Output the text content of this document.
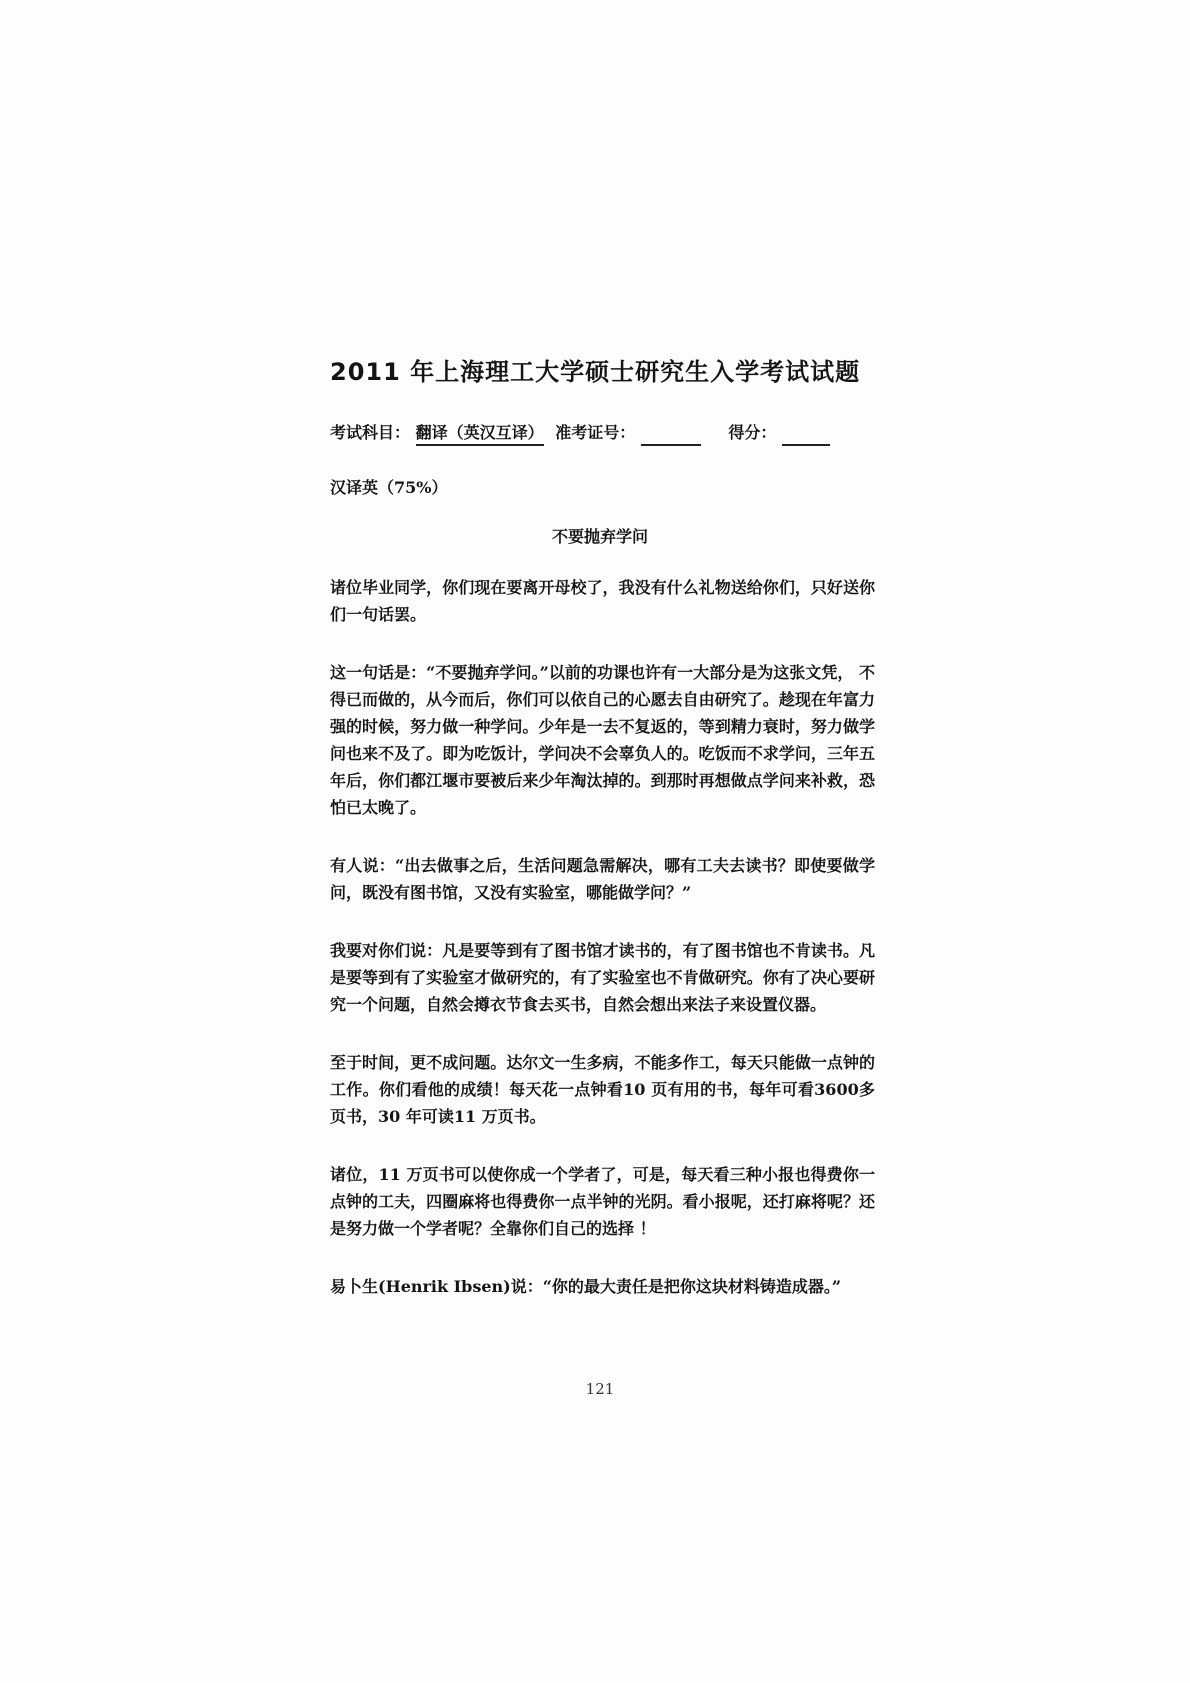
2011 年上海理工大学硕士研究生入学考试试题
考试科目： 翻译（英汉互译） 准考证号：	得分：
汉译英（75%）
不要抛弃学问

诸位毕业同学，你们现在要离开母校了，我没有什么礼物送给你们，只好送你们一句话罢。

这一句话是：“不要抛弃学问。”以前的功课也许有一大部分是为这张文凭， 不得已而做的，从今而后，你们可以依自己的心愿去自由研究了。趁现在年富力强的时候，努力做一种学问。少年是一去不复返的，等到精力衰时，努力做学问也来不及了。即为吃饭计，学问决不会辜负人的。吃饭而不求学问，三年五年后，你们都江堰市要被后来少年淘汰掉的。到那时再想做点学问来补救，恐怕已太晚了。

有人说：“出去做事之后，生活问题急需解决，哪有工夫去读书？即使要做学问，既没有图书馆，又没有实验室，哪能做学问？”

我要对你们说：凡是要等到有了图书馆才读书的，有了图书馆也不肯读书。凡是要等到有了实验室才做研究的，有了实验室也不肯做研究。你有了决心要研究一个问题，自然会撙衣节食去买书，自然会想出来法子来设置仪器。

至于时间，更不成问题。达尔文一生多病，不能多作工，每天只能做一点钟的工作。你们看他的成绩！每天花一点钟看10 页有用的书，每年可看3600多页书，30 年可读11 万页书。

诸位，11 万页书可以使你成一个学者了，可是，每天看三种小报也得费你一点钟的工夫，四圈麻将也得费你一点半钟的光阴。看小报呢，还打麻将呢？还是努力做一个学者呢？全靠你们自己的选择 ！

易卜生(Henrik Ibsen)说：“你的最大责任是把你这块材料铸造成器。”

121
